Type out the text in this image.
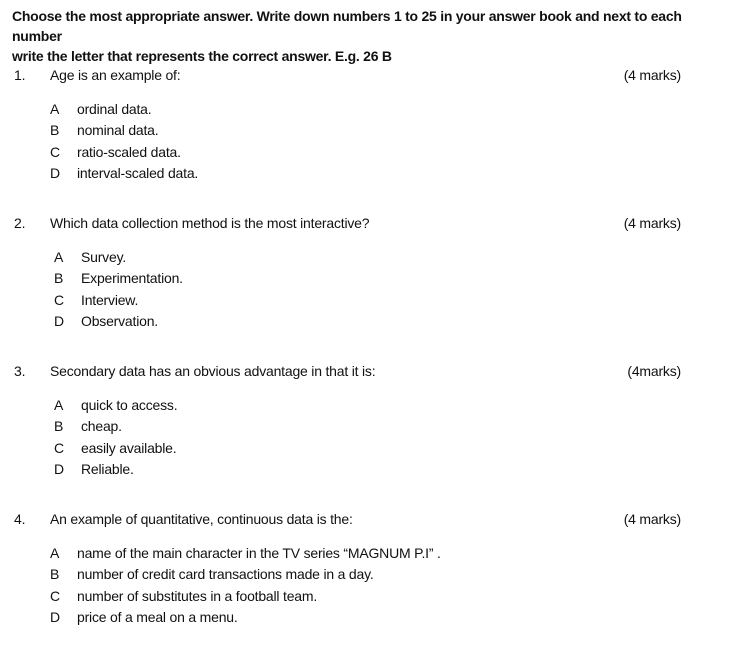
Choose the most appropriate answer. Write down numbers 1 to 25 in your answer book and next to each number
write the letter that represents the correct answer. E.g. 26 B
1. Age is an example of:	(4 marks)
A ordinal data.
B nominal data.
C ratio-scaled data.
D interval-scaled data.
2. Which data collection method is the most interactive?	(4 marks)
A Survey.
B Experimentation.
C Interview.
D Observation.
3. Secondary data has an obvious advantage in that it is:	(4marks)
A quick to access.
B cheap.
C easily available.
D Reliable.
4. An example of quantitative, continuous data is the:	(4 marks)
A name of the main character in the TV series “MAGNUM P.I” .
B number of credit card transactions made in a day.
C number of substitutes in a football team.
D price of a meal on a menu.
